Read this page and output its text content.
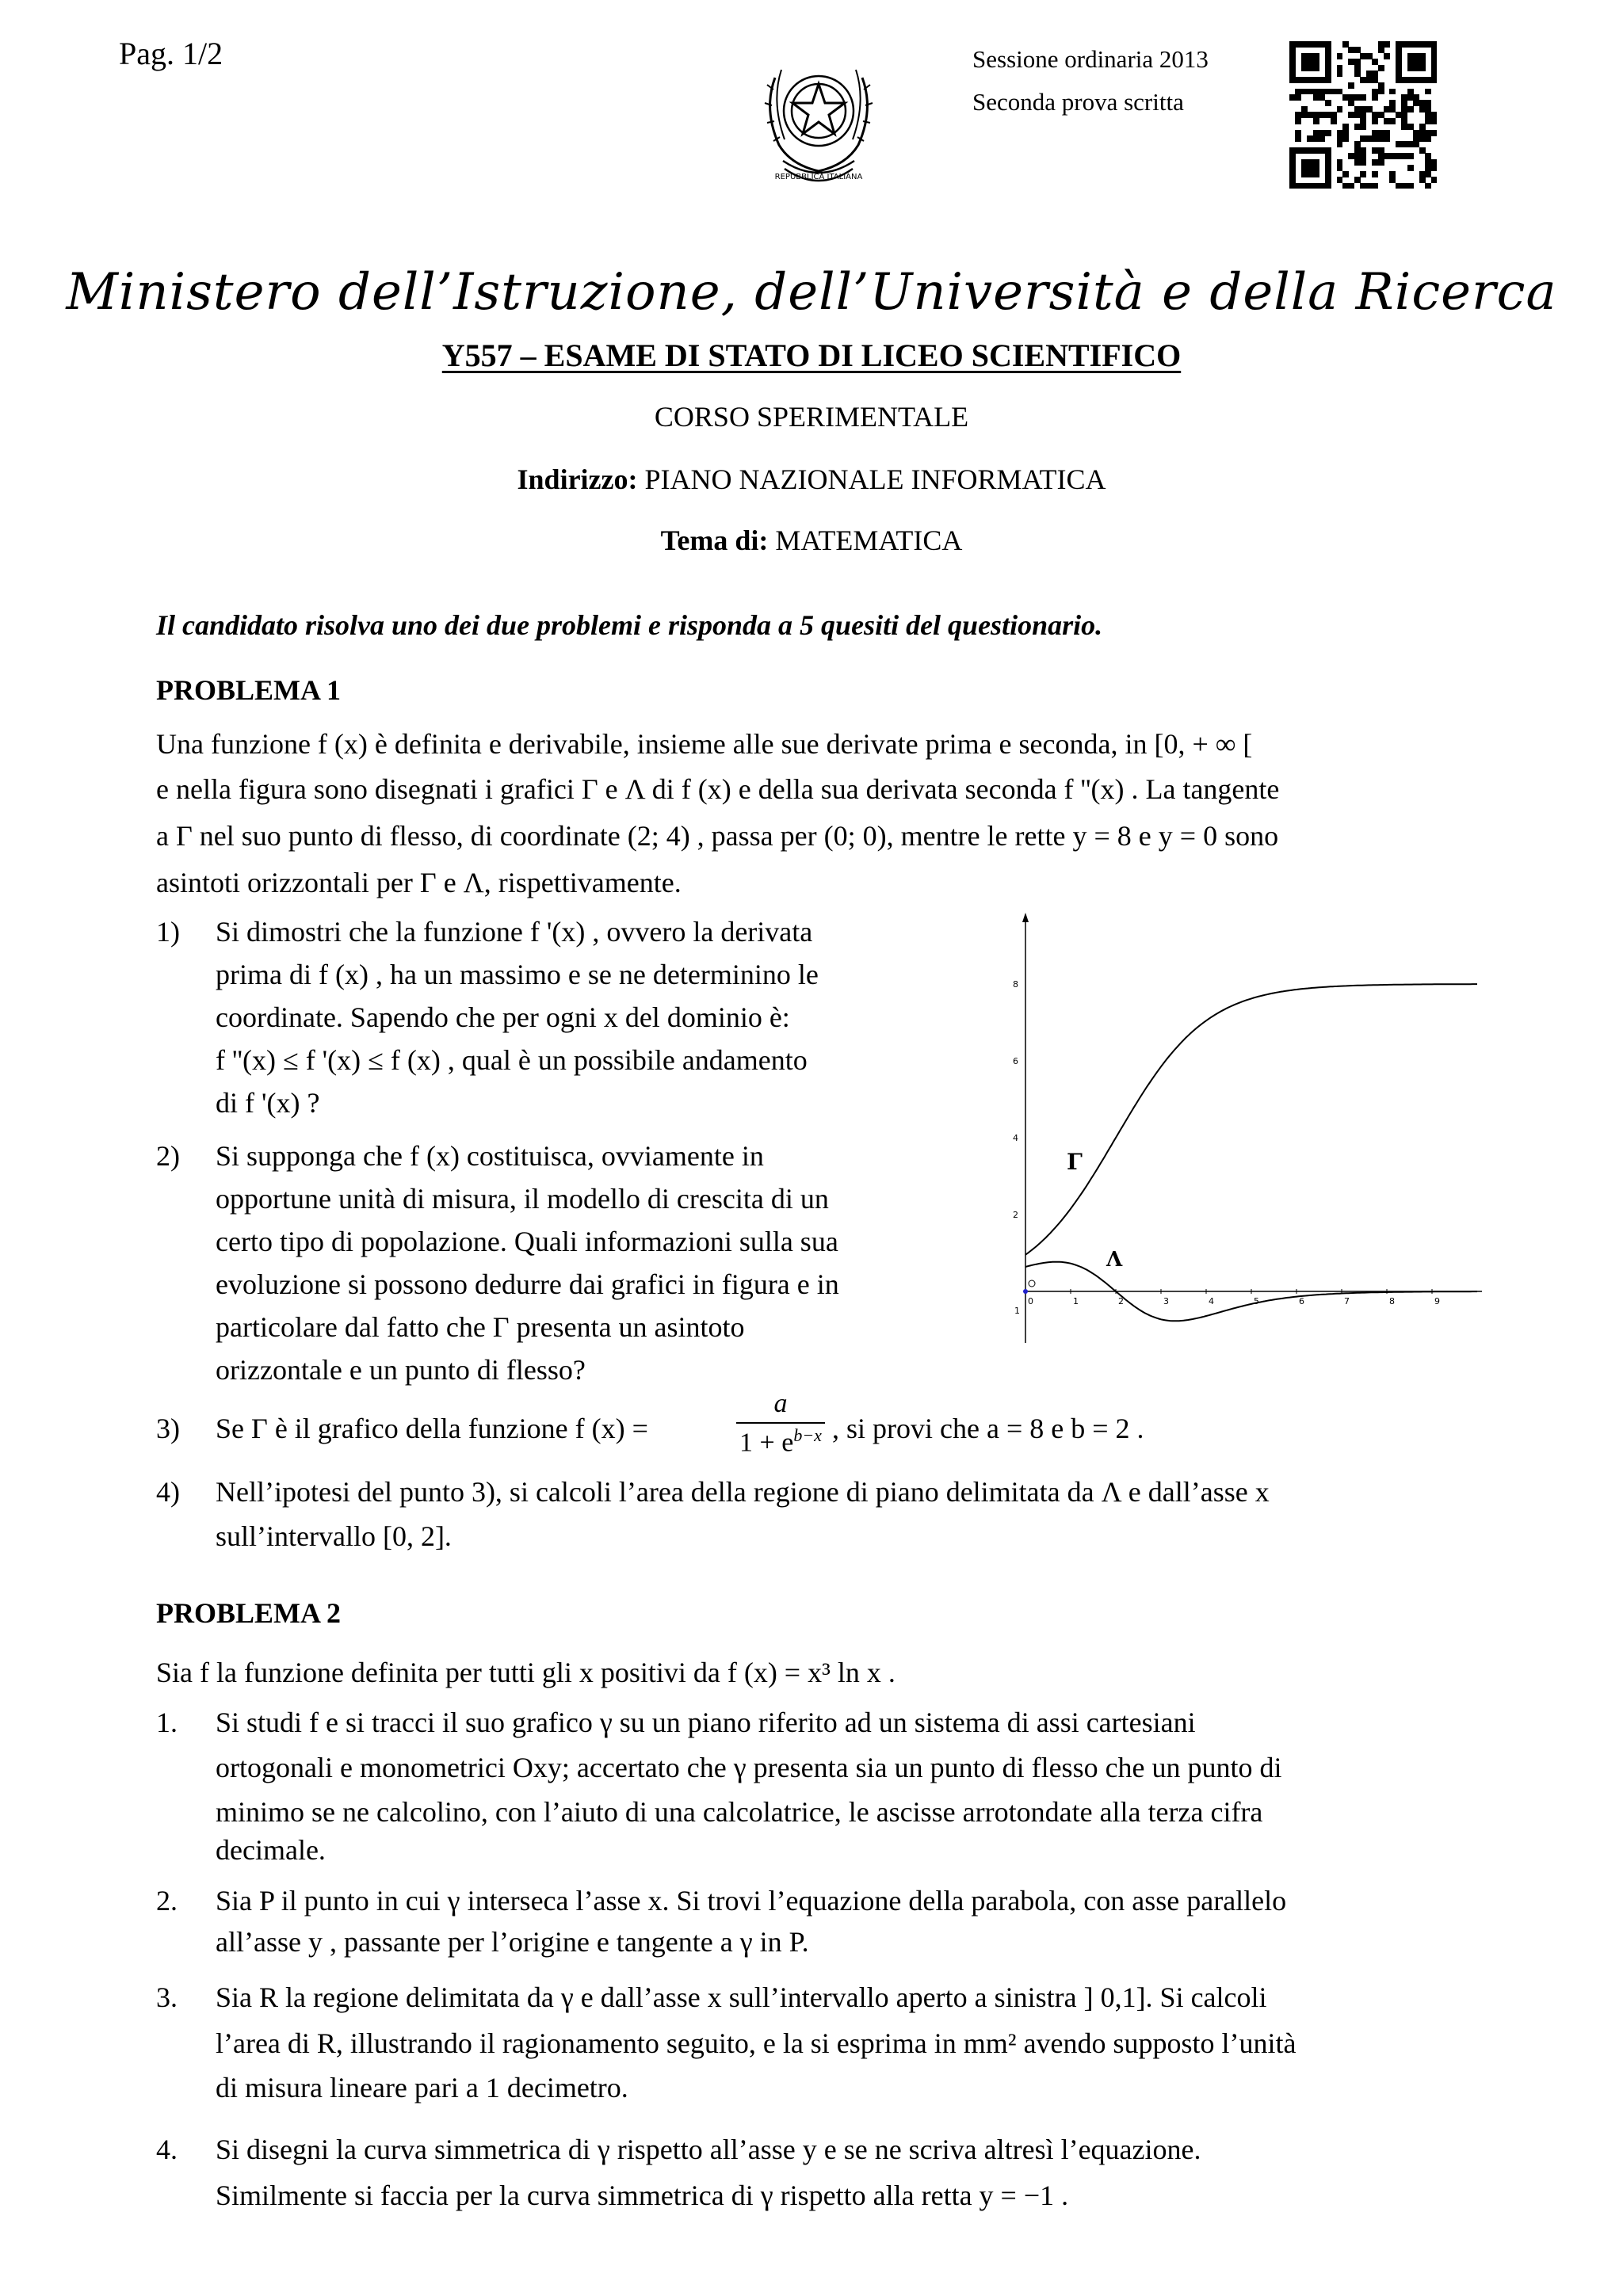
Pag. 1/2
REPUBBLICA ITALIANA
Sessione ordinaria 2013
Seconda prova scritta
Ministero dell’Istruzione, dell’Università e della Ricerca
Y557 – ESAME DI STATO DI LICEO SCIENTIFICO
CORSO SPERIMENTALE
Indirizzo: PIANO NAZIONALE INFORMATICA
Tema di: MATEMATICA
Il candidato risolva uno dei due problemi e risponda a 5 quesiti del questionario.
PROBLEMA 1
Una funzione f (x) è definita e derivabile, insieme alle sue derivate prima e seconda, in [0, + ∞ [
e nella figura sono disegnati i grafici Γ e Λ di f (x) e della sua derivata seconda f ''(x) . La tangente
a Γ nel suo punto di flesso, di coordinate (2; 4) , passa per (0; 0), mentre le rette y = 8 e y = 0 sono
asintoti orizzontali per Γ e Λ, rispettivamente.
1) Si dimostri che la funzione f '(x) , ovvero la derivata
prima di f (x) , ha un massimo e se ne determinino le
coordinate. Sapendo che per ogni x del dominio è:
f ''(x) ≤ f '(x) ≤ f (x) , qual è un possibile andamento
di f '(x) ?
2) Si supponga che f (x) costituisca, ovviamente in
opportune unità di misura, il modello di crescita di un
certo tipo di popolazione. Quali informazioni sulla sua
evoluzione si possono dedurre dai grafici in figura e in
particolare dal fatto che Γ presenta un asintoto
orizzontale e un punto di flesso?
3) Se Γ è il grafico della funzione f (x) =
a
$1 + e^{b-x}$ , si provi che a = 8 e b = 2 .
4) Nell’ipotesi del punto 3), si calcoli l’area della regione di piano delimitata da Λ e dall’asse x
sull’intervallo [0, 2].
8
6
4
2
1
0	1	2	3	4	5	6	7	8	9
Γ
Λ
PROBLEMA 2
Sia f la funzione definita per tutti gli x positivi da f (x) = x³ ln x .
1. Si studi f e si tracci il suo grafico γ su un piano riferito ad un sistema di assi cartesiani
ortogonali e monometrici Oxy; accertato che γ presenta sia un punto di flesso che un punto di
minimo se ne calcolino, con l’aiuto di una calcolatrice, le ascisse arrotondate alla terza cifra
decimale.
2. Sia P il punto in cui γ interseca l’asse x. Si trovi l’equazione della parabola, con asse parallelo
all’asse y , passante per l’origine e tangente a γ in P.
3. Sia R la regione delimitata da γ e dall’asse x sull’intervallo aperto a sinistra ] 0,1]. Si calcoli
l’area di R, illustrando il ragionamento seguito, e la si esprima in mm² avendo supposto l’unità
di misura lineare pari a 1 decimetro.
4. Si disegni la curva simmetrica di γ rispetto all’asse y e se ne scriva altresì l’equazione.
Similmente si faccia per la curva simmetrica di γ rispetto alla retta y = −1 .
